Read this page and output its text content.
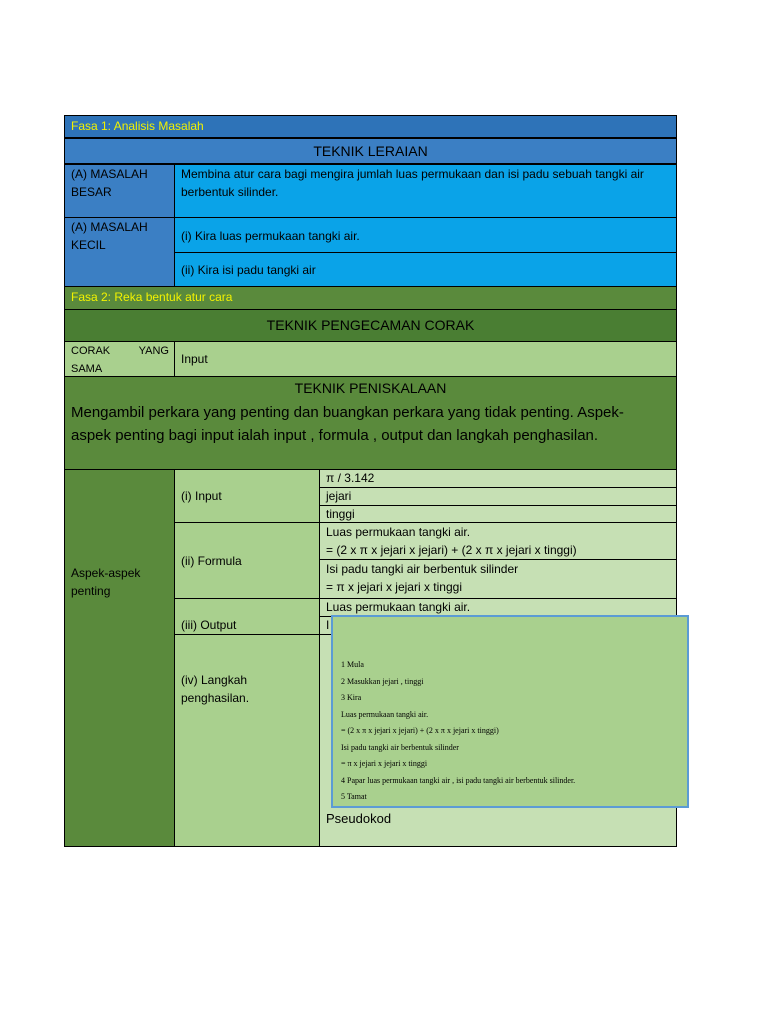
Fasa 1: Analisis Masalah
TEKNIK LERAIAN
(A) MASALAH BESAR
Membina atur cara bagi mengira jumlah luas permukaan dan isi padu sebuah tangki air berbentuk silinder.
(A) MASALAH KECIL
(i) Kira luas permukaan tangki air.
(ii) Kira isi padu tangki air
Fasa 2: Reka bentuk atur cara
TEKNIK PENGECAMAN CORAK
CORAK YANG SAMA
Input
TEKNIK PENISKALAAN
Mengambil perkara yang penting dan buangkan perkara yang tidak penting. Aspek-aspek penting bagi input ialah input , formula , output dan langkah penghasilan.
Aspek-aspek penting
(i) Input
π / 3.142
jejari
tinggi
(ii) Formula
Luas permukaan tangki air.
= (2 x π x jejari x jejari) + (2 x π x jejari x tinggi)
Isi padu tangki air berbentuk silinder
= π x jejari x jejari x tinggi
(iii) Output
Luas permukaan tangki air.
I
(iv) Langkah penghasilan.
Pseudokod
1 Mula
2 Masukkan jejari , tinggi
3 Kira
Luas permukaan tangki air.
= (2 x π x jejari x jejari) + (2 x π x jejari x tinggi)
Isi padu tangki air berbentuk silinder
= π x jejari x jejari x tinggi
4 Papar luas permukaan tangki air , isi padu tangki air berbentuk silinder.
5 Tamat
